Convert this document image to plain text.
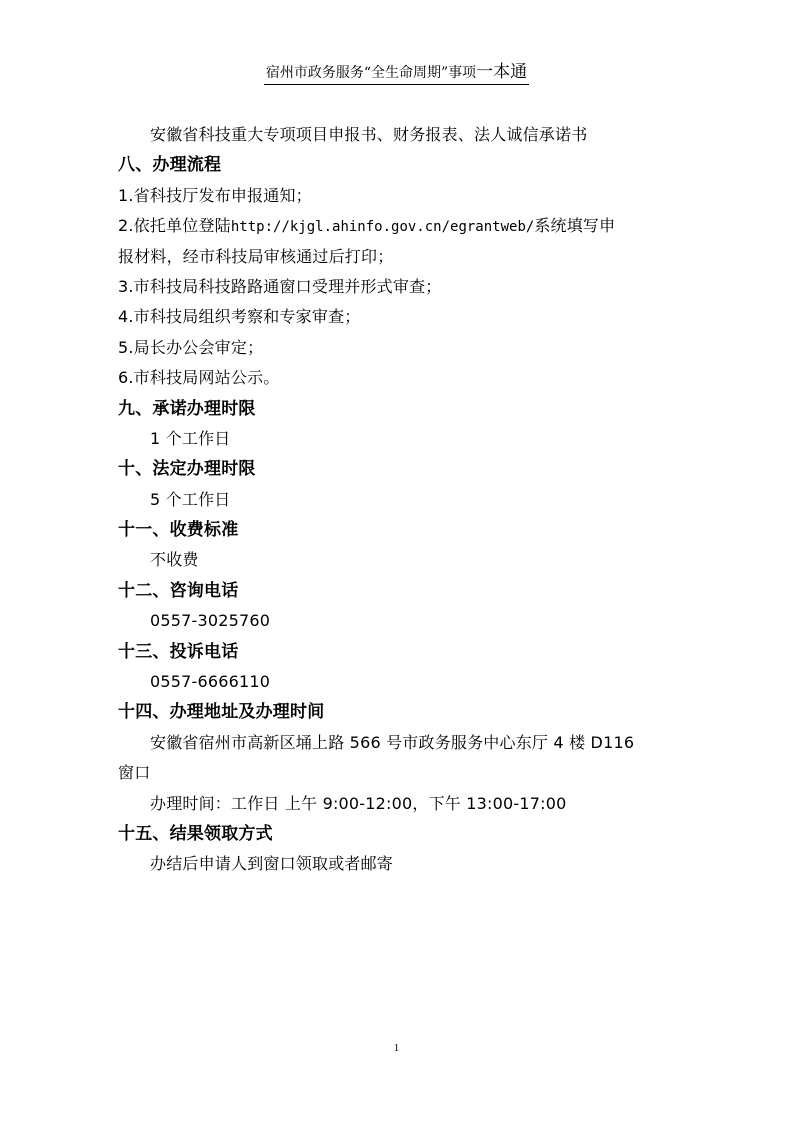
宿州市政务服务“全生命周期”事项一本通
安徽省科技重大专项项目申报书、财务报表、法人诚信承诺书
八、办理流程
1.省科技厅发布申报通知；
2.依托单位登陆http://kjgl.ahinfo.gov.cn/egrantweb/系统填写申
报材料，经市科技局审核通过后打印；
3.市科技局科技路路通窗口受理并形式审查；
4.市科技局组织考察和专家审查；
5.局长办公会审定；
6.市科技局网站公示。
九、承诺办理时限
1 个工作日
十、法定办理时限
5 个工作日
十一、收费标准
不收费
十二、咨询电话
0557-3025760
十三、投诉电话
0557-6666110
十四、办理地址及办理时间
安徽省宿州市高新区埇上路 566 号市政务服务中心东厅 4 楼 D116
窗口
办理时间：工作日 上午 9:00-12:00，下午 13:00-17:00
十五、结果领取方式
办结后申请人到窗口领取或者邮寄
1
